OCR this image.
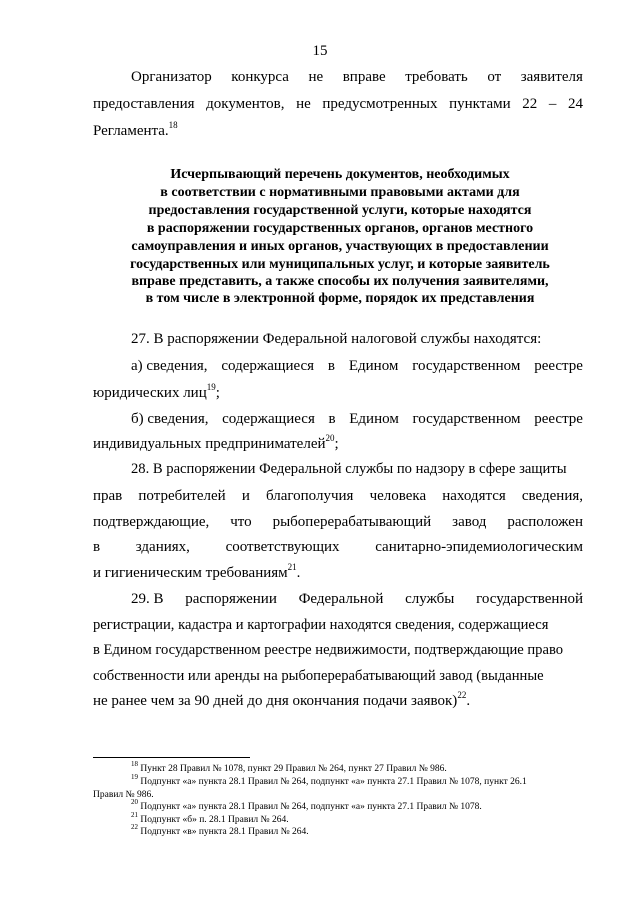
15
Организатор конкурса не вправе требовать от заявителя
предоставления документов, не предусмотренных пунктами 22 – 24
Регламента.$^{18}$
Исчерпывающий перечень документов, необходимых
в соответствии с нормативными правовыми актами для
предоставления государственной услуги, которые находятся
в распоряжении государственных органов, органов местного
самоуправления и иных органов, участвующих в предоставлении
государственных или муниципальных услуг, и которые заявитель
вправе представить, а также способы их получения заявителями,
в том числе в электронной форме, порядок их представления
27. В распоряжении Федеральной налоговой службы находятся:
а) сведения, содержащиеся в Едином государственном реестре
юридических лиц$^{19}$;
б) сведения, содержащиеся в Едином государственном реестре
индивидуальных предпринимателей$^{20}$;
28. В распоряжении Федеральной службы по надзору в сфере защиты
прав потребителей и благополучия человека находятся сведения,
подтверждающие, что рыбоперерабатывающий завод расположен
в зданиях, соответствующих санитарно-эпидемиологическим
и гигиеническим требованиям$^{21}$.
29. В распоряжении Федеральной службы государственной
регистрации, кадастра и картографии находятся сведения, содержащиеся
в Едином государственном реестре недвижимости, подтверждающие право
собственности или аренды на рыбоперерабатывающий завод (выданные
не ранее чем за 90 дней до дня окончания подачи заявок)$^{22}$.
$^{18}$ Пункт 28 Правил № 1078, пункт 29 Правил № 264, пункт 27 Правил № 986.
$^{19}$ Подпункт «а» пункта 28.1 Правил № 264, подпункт «а» пункта 27.1 Правил № 1078, пункт 26.1
Правил № 986.
$^{20}$ Подпункт «а» пункта 28.1 Правил № 264, подпункт «а» пункта 27.1 Правил № 1078.
$^{21}$ Подпункт «б» п. 28.1 Правил № 264.
$^{22}$ Подпункт «в» пункта 28.1 Правил № 264.
